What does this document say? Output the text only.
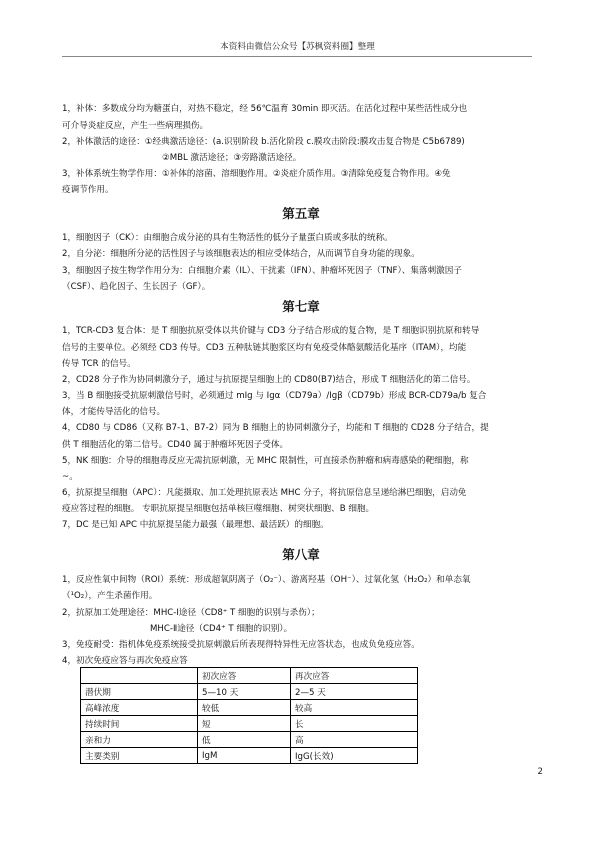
本资料由微信公众号【苏枫资料圈】整理
1，补体：多数成分均为糖蛋白，对热不稳定，经 56℃温育 30min 即灭活。在活化过程中某些活性成分也
可介导炎症反应，产生一些病理损伤。
2，补体激活的途径：①经典激活途径：(a.识别阶段 b.活化阶段 c.膜攻击阶段:膜攻击复合物是 C5b6789)
②MBL 激活途径；③旁路激活途径。
3，补体系统生物学作用：①补体的溶菌、溶细胞作用。②炎症介质作用。③清除免疫复合物作用。④免
疫调节作用。
第五章
1，细胞因子（CK）：由细胞合成分泌的具有生物活性的低分子量蛋白质或多肽的统称。
2，自分泌：细胞所分泌的活性因子与该细胞表达的相应受体结合，从而调节自身功能的现象。
3，细胞因子按生物学作用分为：白细胞介素（IL）、干扰素（IFN）、肿瘤坏死因子（TNF）、集落刺激因子
（CSF）、趋化因子、生长因子（GF）。
第七章
1，TCR-CD3 复合体：是 T 细胞抗原受体以共价键与 CD3 分子结合形成的复合物，是 T 细胞识别抗原和转导
信号的主要单位。必须经 CD3 传导。CD3 五种肽链其胞浆区均有免疫受体酪氨酸活化基序（ITAM），均能
传导 TCR 的信号。
2，CD28 分子作为协同刺激分子，通过与抗原提呈细胞上的 CD80(B7)结合，形成 T 细胞活化的第二信号。
3，当 B 细胞接受抗原刺激信号时，必须通过 mIg 与 Igα（CD79a）/Igβ（CD79b）形成 BCR-CD79a/b 复合
体，才能传导活化的信号。
4，CD80 与 CD86（又称 B7-1、B7-2）同为 B 细胞上的协同刺激分子，均能和 T 细胞的 CD28 分子结合，提
供 T 细胞活化的第二信号。CD40 属于肿瘤坏死因子受体。
5，NK 细胞：介导的细胞毒反应无需抗原刺激，无 MHC 限制性，可直接杀伤肿瘤和病毒感染的靶细胞，称
~。
6，抗原提呈细胞（APC）：凡能摄取、加工处理抗原表达 MHC 分子，将抗原信息呈递给淋巴细胞，启动免
疫应答过程的细胞。 专职抗原提呈细胞包括单核巨噬细胞、树突状细胞、B 细胞。
7，DC 是已知 APC 中抗原提呈能力最强（最理想、最活跃）的细胞。
第八章
1，反应性氧中间物（ROI）系统：形成超氧阴离子（O₂⁻）、游离羟基（OH⁻）、过氧化氢（H₂O₂）和单态氧
（¹O₂），产生杀菌作用。
2，抗原加工处理途径：MHC-Ⅰ途径（CD8⁺ T 细胞的识别与杀伤）；
MHC-Ⅱ途径（CD4⁺ T 细胞的识别）。
3，免疫耐受：指机体免疫系统接受抗原刺激后所表现得特异性无应答状态，也成负免疫应答。
4，初次免疫应答与再次免疫应答
	初次应答	再次应答
潜伏期	5—10 天	2—5 天
高峰浓度	较低	较高
持续时间	短	长
亲和力	低	高
主要类别	IgM	IgG(长效)
2
